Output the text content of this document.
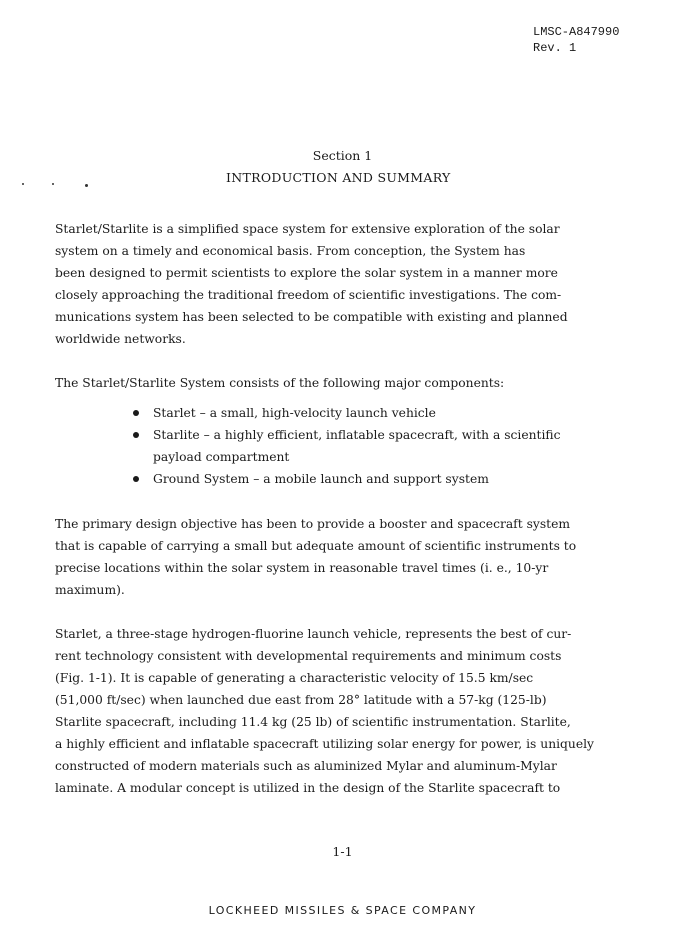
LMSC-A847990
Rev. 1
Section 1
INTRODUCTION AND SUMMARY
Starlet/Starlite is a simplified space system for extensive exploration of the solar
system on a timely and economical basis. From conception, the System has
been designed to permit scientists to explore the solar system in a manner more
closely approaching the traditional freedom of scientific investigations. The com-
munications system has been selected to be compatible with existing and planned
worldwide networks.
The Starlet/Starlite System consists of the following major components:
Starlet – a small, high-velocity launch vehicle
Starlite – a highly efficient, inflatable spacecraft, with a scientific
payload compartment
Ground System – a mobile launch and support system
The primary design objective has been to provide a booster and spacecraft system
that is capable of carrying a small but adequate amount of scientific instruments to
precise locations within the solar system in reasonable travel times (i. e., 10-yr
maximum).
Starlet, a three-stage hydrogen-fluorine launch vehicle, represents the best of cur-
rent technology consistent with developmental requirements and minimum costs
(Fig. 1-1). It is capable of generating a characteristic velocity of 15.5 km/sec
(51,000 ft/sec) when launched due east from 28° latitude with a 57-kg (125-lb)
Starlite spacecraft, including 11.4 kg (25 lb) of scientific instrumentation. Starlite,
a highly efficient and inflatable spacecraft utilizing solar energy for power, is uniquely
constructed of modern materials such as aluminized Mylar and aluminum-Mylar
laminate. A modular concept is utilized in the design of the Starlite spacecraft to
1-1
LOCKHEED MISSILES & SPACE COMPANY
